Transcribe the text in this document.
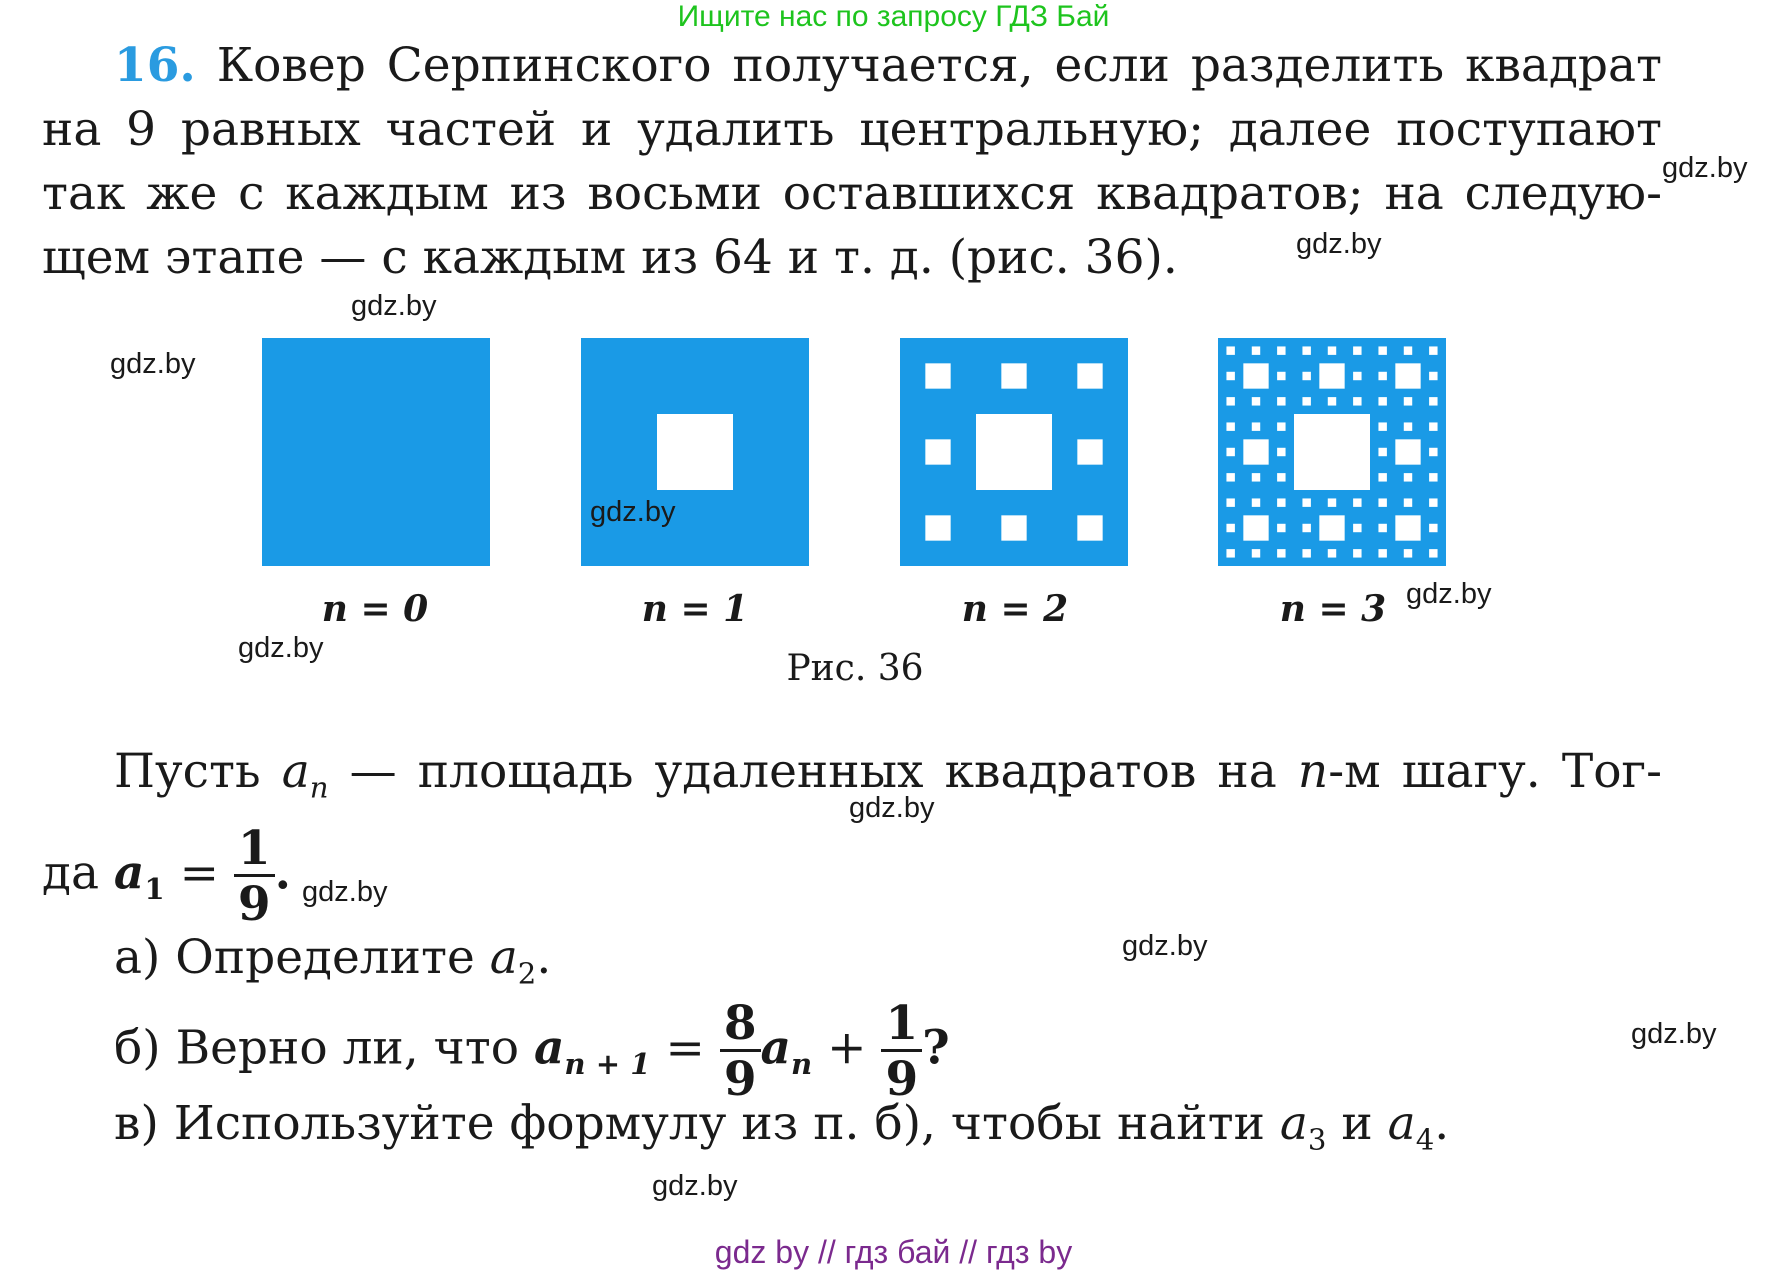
Ищите нас по запросу ГДЗ Бай
16. Ковер Серпинского получается, если разделить квадрат
на 9 равных частей и удалить центральную; далее поступают
так же с каждым из восьми оставшихся квадратов; на следую-
щем этапе — с каждым из 64 и т. д. (рис. 36).
n = 0	n = 1	n = 2	n = 3
Рис. 36
Пусть $a_n$ — площадь удаленных квадратов на n-м шагу. Тог-
да $a_1 = \frac{1}{9}$ .
а) Определите $a_2$.
б) Верно ли, что $a_{n + 1} = \frac{8}{9} a_n + \frac{1}{9}$ ?
в) Используйте формулу из п. б), чтобы найти $a_3$ и $a_4$.
gdz.by
gdz.by
gdz.by
gdz.by
gdz.by
gdz.by
gdz.by
gdz.by
gdz.by
gdz.by
gdz.by
gdz.by
gdz by // гдз бай // гдз by
